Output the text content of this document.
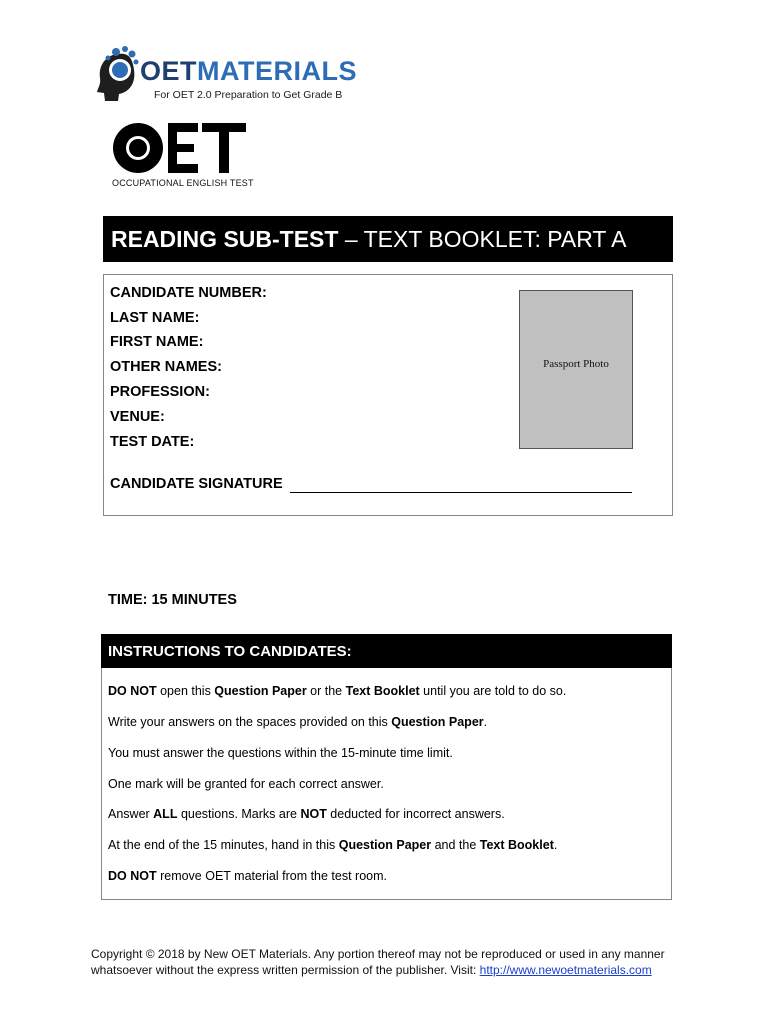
OETMATERIALS
For OET 2.0 Preparation to Get Grade B
OCCUPATIONAL ENGLISH TEST
READING SUB-TEST – TEXT BOOKLET: PART A
CANDIDATE NUMBER:
LAST NAME:
FIRST NAME:
OTHER NAMES:
PROFESSION:
VENUE:
TEST DATE:
Passport Photo
CANDIDATE SIGNATURE
TIME: 15 MINUTES
INSTRUCTIONS TO CANDIDATES:
DO NOT open this Question Paper or the Text Booklet until you are told to do so.
Write your answers on the spaces provided on this Question Paper.
You must answer the questions within the 15-minute time limit.
One mark will be granted for each correct answer.
Answer ALL questions. Marks are NOT deducted for incorrect answers.
At the end of the 15 minutes, hand in this Question Paper and the Text Booklet.
DO NOT remove OET material from the test room.
Copyright © 2018 by New OET Materials. Any portion thereof may not be reproduced or used in any manner whatsoever without the express written permission of the publisher. Visit: http://www.newoetmaterials.com
